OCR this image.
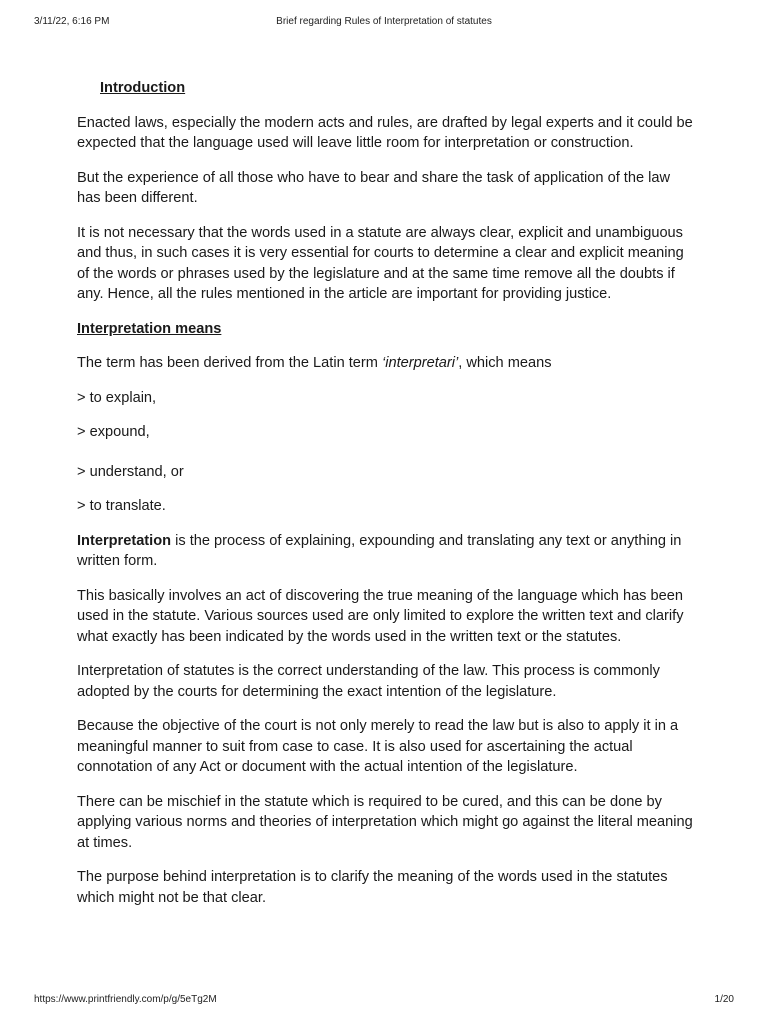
3/11/22, 6:16 PM	Brief regarding Rules of Interpretation of statutes

Introduction

Enacted laws, especially the modern acts and rules, are drafted by legal experts and it could be expected that the language used will leave little room for interpretation or construction.

But the experience of all those who have to bear and share the task of application of the law has been different.

It is not necessary that the words used in a statute are always clear, explicit and unambiguous and thus, in such cases it is very essential for courts to determine a clear and explicit meaning of the words or phrases used by the legislature and at the same time remove all the doubts if any. Hence, all the rules mentioned in the article are important for providing justice.

Interpretation means

The term has been derived from the Latin term ‘interpretari’, which means

> to explain,

> expound,

> understand, or

> to translate.

Interpretation is the process of explaining, expounding and translating any text or anything in written form.

This basically involves an act of discovering the true meaning of the language which has been used in the statute. Various sources used are only limited to explore the written text and clarify what exactly has been indicated by the words used in the written text or the statutes.

Interpretation of statutes is the correct understanding of the law. This process is commonly adopted by the courts for determining the exact intention of the legislature.

Because the objective of the court is not only merely to read the law but is also to apply it in a meaningful manner to suit from case to case. It is also used for ascertaining the actual connotation of any Act or document with the actual intention of the legislature.

There can be mischief in the statute which is required to be cured, and this can be done by applying various norms and theories of interpretation which might go against the literal meaning at times.

The purpose behind interpretation is to clarify the meaning of the words used in the statutes which might not be that clear.

https://www.printfriendly.com/p/g/5eTg2M	1/20
